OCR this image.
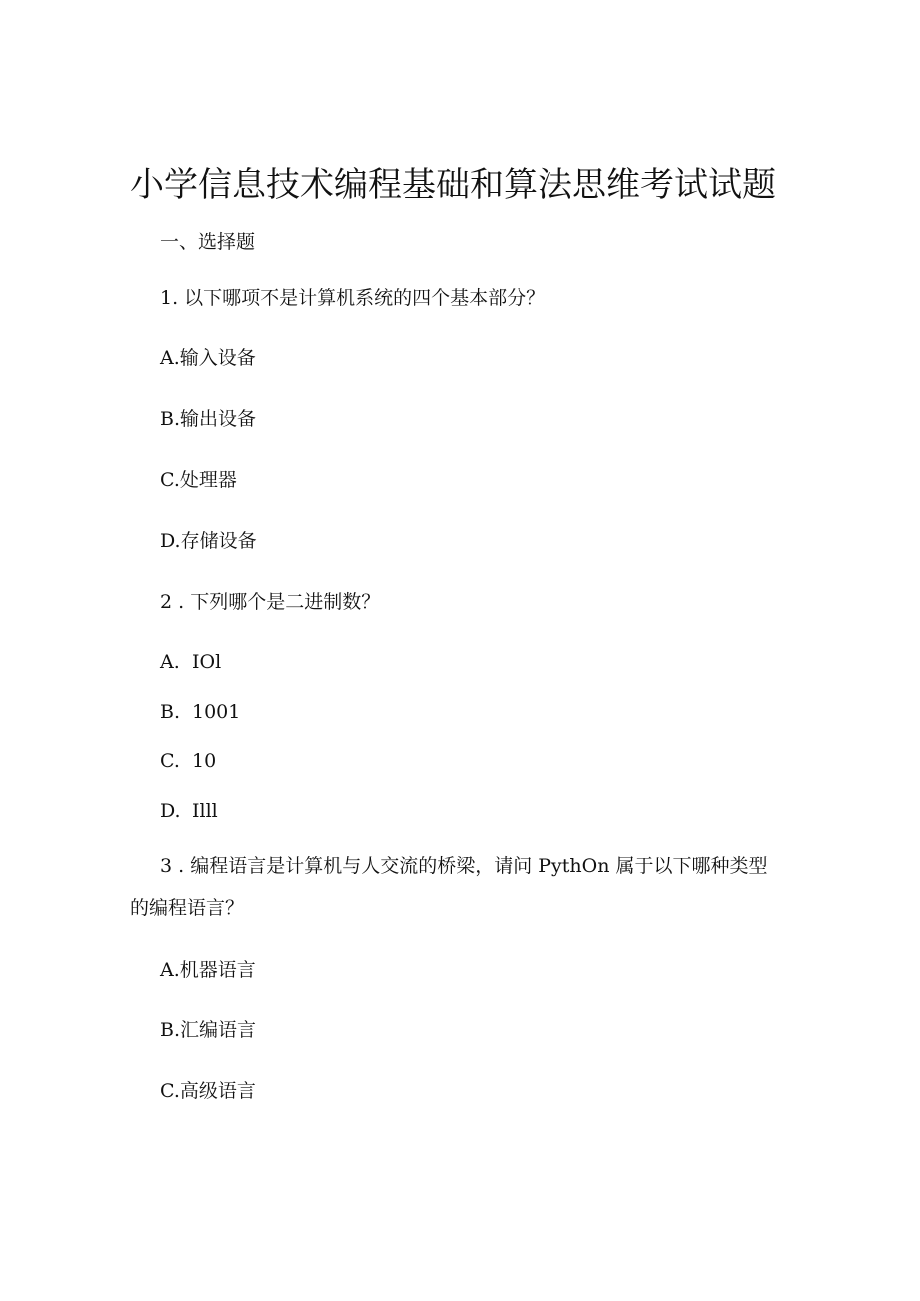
小学信息技术编程基础和算法思维考试试题
一、选择题
1. 以下哪项不是计算机系统的四个基本部分？
A.输入设备
B.输出设备
C.处理器
D.存储设备
2 . 下列哪个是二进制数？
A. IOl
B. 1001
C. 10
D. Illl
3 . 编程语言是计算机与人交流的桥梁，请问 PythOn 属于以下哪种类型
的编程语言？
A.机器语言
B.汇编语言
C.高级语言
